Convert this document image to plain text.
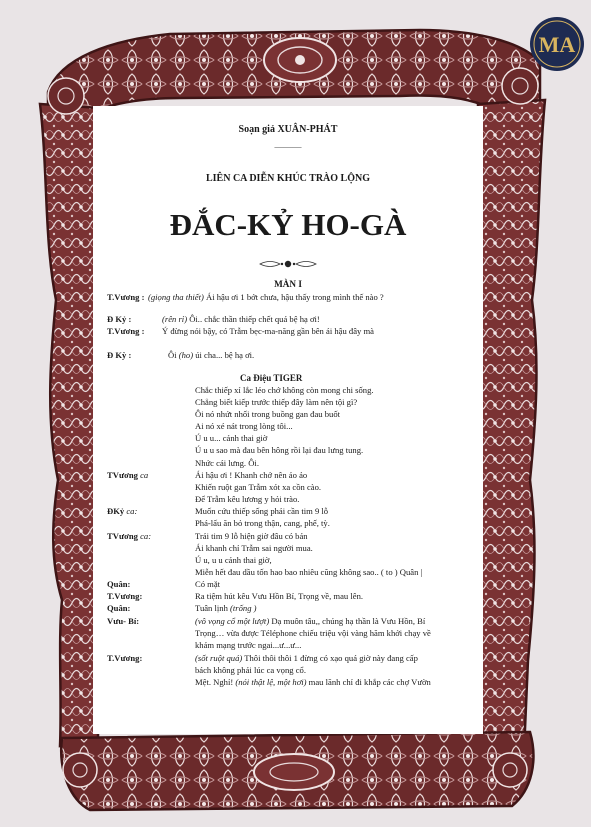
MA
Soạn giả XUÂN-PHÁT
———
LIÊN CA DIỄN KHÚC TRÀO LỘNG
ĐẮC-KỶ HO-GÀ
MÀN I
T.Vương : (giọng tha thiết) Ái hậu ơi 1 bớt chưa, hậu thấy trong mình thế nào ?
Đ Kỷ :	(rên rỉ) Ôi.. chắc thần thiếp chết quá bệ hạ ơi!
T.Vương : Ý đừng nói bậy, có Trẫm bẹc-ma-năng gần bên ái hậu đây mà
Đ Kỳ :	Ôi (ho) úi cha... bệ hạ ơi.
Ca Điệu TIGER
Chắc thiếp xỉ lắc léo chớ không còn mong chi sống.
Chẳng biết kiếp trước thiếp đây làm nên tội gì?
Ôi nó nhứt nhối trong buồng gan đau buốt
Ai nó xé nát trong lòng tôi...
Ú u u... cảnh thai giờ
Ú u u sao mà đau bên hông rồi lại đau lưng tung.
Nhức cái lưng. Ôi.
TVương ca	Ái hậu ơi ! Khanh chớ nên ảo ảo
Khiến ruột gan Trẫm xót xa cồn cào.
Để Trẫm kêu lương y hỏi trào.
ĐKỷ ca:	Muốn cứu thiếp sống phải cần tim 9 lỗ
Phá-lấu ăn bỏ trong thận, cang, phế, tỳ.
TVương ca:	Trái tim 9 lỗ hiện giờ đâu có bán
Ái khanh chỉ Trẫm sai người mua.
Ú u, u u cảnh thai giờ,
Miễn hết đau dầu tốn hao bao nhiêu cũng không sao.. ( to ) Quân |
Quân:	Có mặt
T.Vương:	Ra tiệm hút kêu Vưu Hồn Bí, Trọng về, mau lên.
Quân:	Tuân lịnh (trống )
Vưu- Bí:	(vô vọng cổ một lượt) Dạ muôn tâu,, chúng hạ thần là Vưu Hồn, Bí
Trọng… vừa được Téléphone chiếu triệu vội vàng hăm khởi chạy về
khám mạng trước ngai...ư...ư...
T.Vương:	(sốt ruột quá) Thôi thôi thôi 1 đừng có xạo quá giờ này đang cấp
bách không phải lúc ca vọng cổ.
Mệt. Nghỉ! (nói thật lệ, một hơi) mau lãnh chỉ đi khắp các chợ Vườn
